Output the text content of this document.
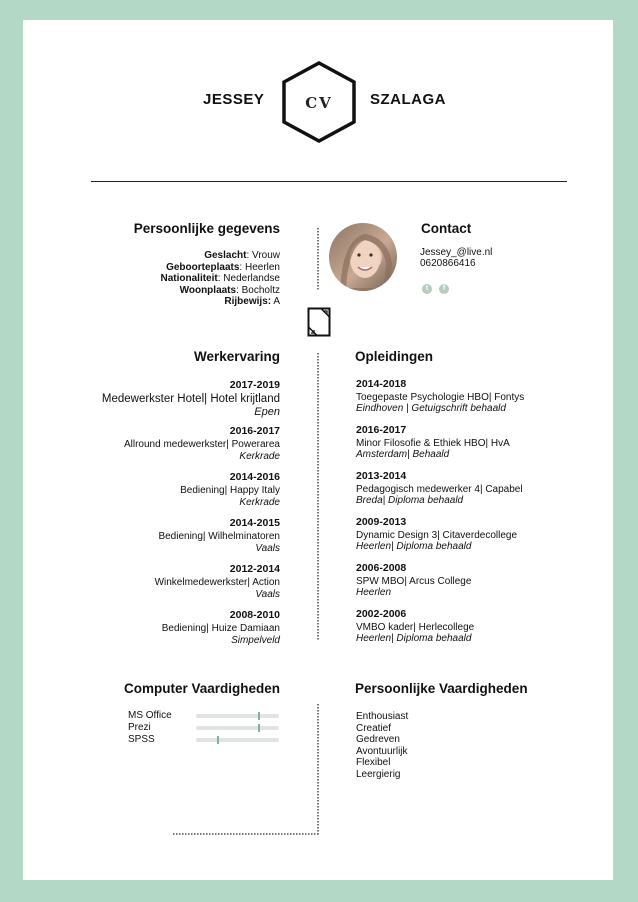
JESSEY	SZALAGA
CV
Persoonlijke gegevens
Geslacht: Vrouw
Geboorteplaats: Heerlen
Nationaliteit: Nederlandse
Woonplaats: Bocholtz
Rijbewijs: A
Contact
Jessey_@live.nl
0620866416
t	f
Werkervaring
2017-2019
Medewerkster Hotel| Hotel krijtland
Epen
2016-2017
Allround medewerkster| Powerarea
Kerkrade
2014-2016
Bediening| Happy Italy
Kerkrade
2014-2015
Bediening| Wilhelminatoren
Vaals
2012-2014
Winkelmedewerkster| Action
Vaals
2008-2010
Bediening| Huize Damiaan
Simpelveld
Opleidingen
2014-2018
Toegepaste Psychologie HBO| Fontys
Eindhoven | Getuigschrift behaald
2016-2017
Minor Filosofie & Ethiek HBO| HvA
Amsterdam| Behaald
2013-2014
Pedagogisch medewerker 4| Capabel
Breda| Diploma behaald
2009-2013
Dynamic Design 3| Citaverdecollege
Heerlen| Diploma behaald
2006-2008
SPW MBO| Arcus College
Heerlen
2002-2006
VMBO kader| Herlecollege
Heerlen| Diploma behaald
Computer Vaardigheden
MS Office
Prezi
SPSS
Persoonlijke Vaardigheden
Enthousiast
Creatief
Gedreven
Avontuurlijk
Flexibel
Leergierig
